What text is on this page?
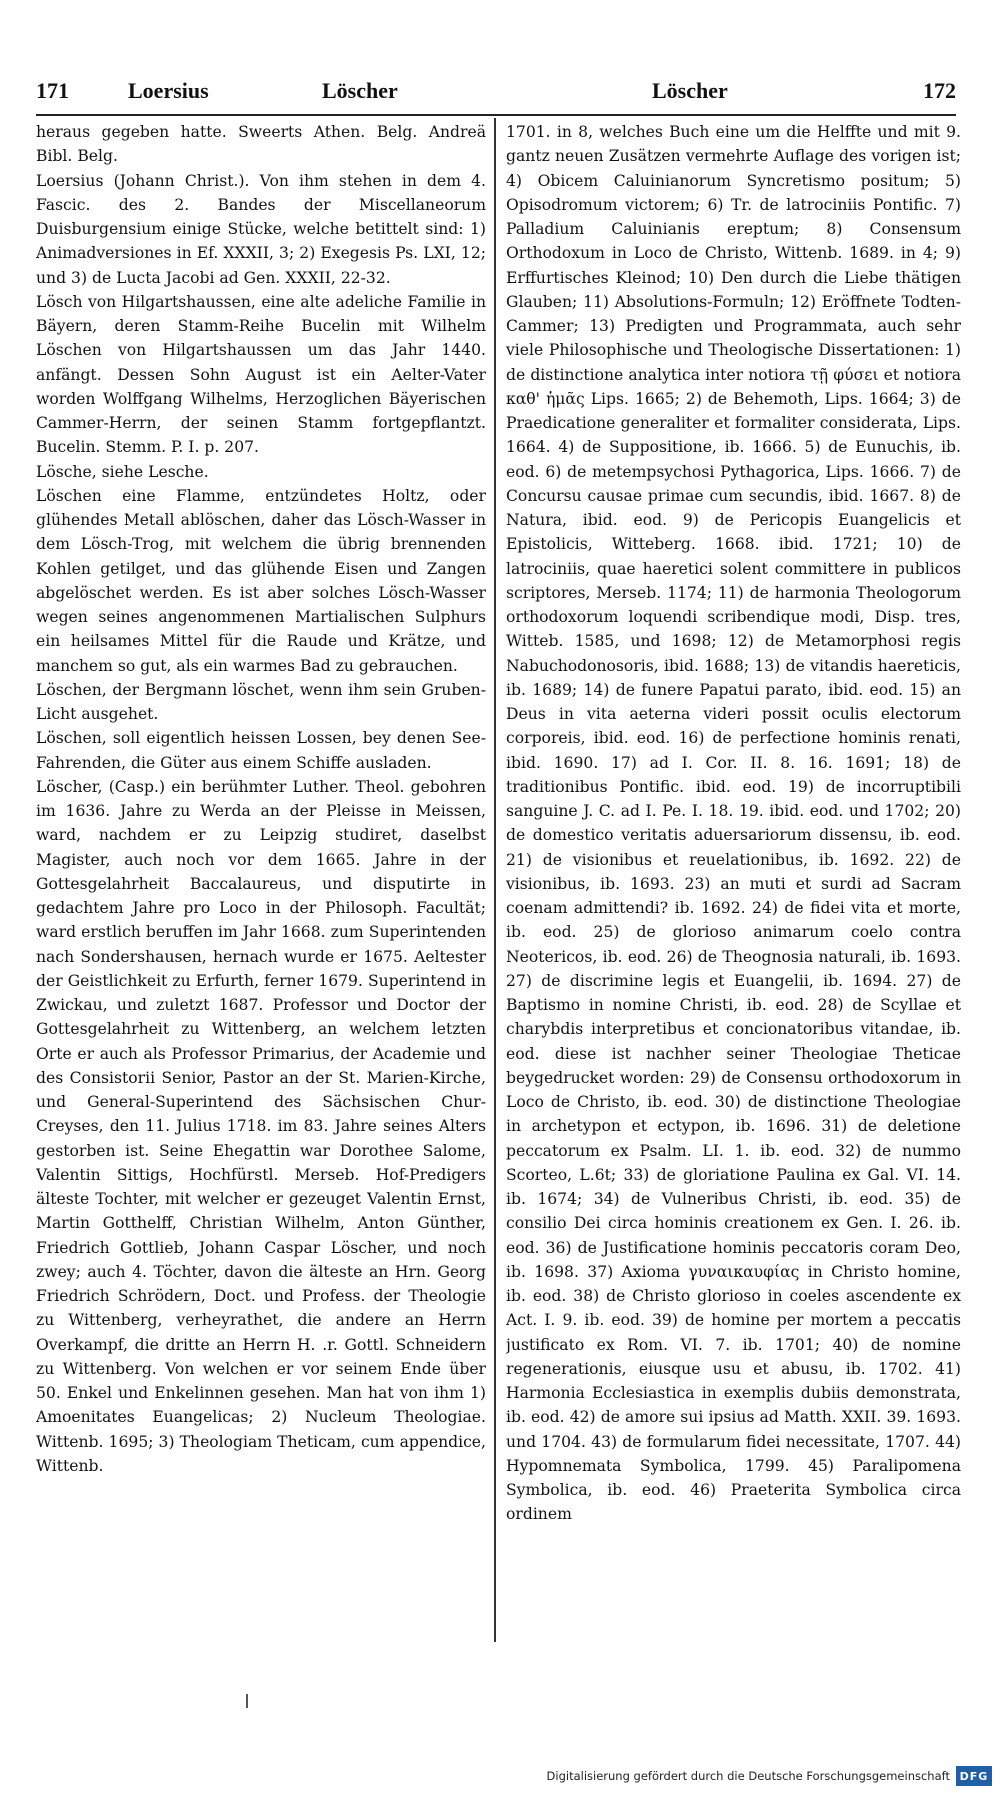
171	Loersius	Löscher	Löscher	172

heraus gegeben hatte. Sweerts Athen. Belg. Andreä Bibl. Belg.

Loersius (Johann Christ.). Von ihm stehen in dem 4. Fascic. des 2. Bandes der Miscellaneorum Duisburgensium einige Stücke, welche betittelt sind: 1) Animadversiones in Ef. XXXII, 3; 2) Exegesis Ps. LXI, 12; und 3) de Lucta Jacobi ad Gen. XXXII, 22-32.

Lösch von Hilgartshaussen, eine alte adeliche Familie in Bäyern, deren Stamm-Reihe Bucelin mit Wilhelm Löschen von Hilgartshaussen um das Jahr 1440. anfängt. Dessen Sohn August ist ein Aelter-Vater worden Wolffgang Wilhelms, Herzoglichen Bäyerischen Cammer-Herrn, der seinen Stamm fortgepflantzt. Bucelin. Stemm. P. I. p. 207.

Lösche, siehe Lesche.

Löschen eine Flamme, entzündetes Holtz, oder glühendes Metall ablöschen, daher das Lösch-Wasser in dem Lösch-Trog, mit welchem die übrig brennenden Kohlen getilget, und das glühende Eisen und Zangen abgelöschet werden. Es ist aber solches Lösch-Wasser wegen seines angenommenen Martialischen Sulphurs ein heilsames Mittel für die Raude und Krätze, und manchem so gut, als ein warmes Bad zu gebrauchen.

Löschen, der Bergmann löschet, wenn ihm sein Gruben-Licht ausgehet.

Löschen, soll eigentlich heissen Lossen, bey denen See-Fahrenden, die Güter aus einem Schiffe ausladen.

Löscher, (Casp.) ein berühmter Luther. Theol. gebohren im 1636. Jahre zu Werda an der Pleisse in Meissen, ward, nachdem er zu Leipzig studiret, daselbst Magister, auch noch vor dem 1665. Jahre in der Gottesgelahrheit Baccalaureus, und disputirte in gedachtem Jahre pro Loco in der Philosoph. Facultät; ward erstlich beruffen im Jahr 1668. zum Superintenden nach Sondershausen, hernach wurde er 1675. Aeltester der Geistlichkeit zu Erfurth, ferner 1679. Superintend in Zwickau, und zuletzt 1687. Professor und Doctor der Gottesgelahrheit zu Wittenberg, an welchem letzten Orte er auch als Professor Primarius, der Academie und des Consistorii Senior, Pastor an der St. Marien-Kirche, und General-Superintend des Sächsischen Chur-Creyses, den 11. Julius 1718. im 83. Jahre seines Alters gestorben ist. Seine Ehegattin war Dorothee Salome, Valentin Sittigs, Hochfürstl. Merseb. Hof-Predigers älteste Tochter, mit welcher er gezeuget Valentin Ernst, Martin Gotthelff, Christian Wilhelm, Anton Günther, Friedrich Gottlieb, Johann Caspar Löscher, und noch zwey; auch 4. Töchter, davon die älteste an Hrn. Georg Friedrich Schrödern, Doct. und Profess. der Theologie zu Wittenberg, verheyrathet, die andere an Herrn Overkampf, die dritte an Herrn H. .r. Gottl. Schneidern zu Wittenberg. Von welchen er vor seinem Ende über 50. Enkel und Enkelinnen gesehen. Man hat von ihm 1) Amoenitates Euangelicas; 2) Nucleum Theologiae. Wittenb. 1695; 3) Theologiam Theticam, cum appendice, Wittenb.

1701. in 8, welches Buch eine um die Helffte und mit 9. gantz neuen Zusätzen vermehrte Auflage des vorigen ist; 4) Obicem Caluinianorum Syncretismo positum; 5) Opisodromum victorem; 6) Tr. de latrociniis Pontific. 7) Palladium Caluinianis ereptum; 8) Consensum Orthodoxum in Loco de Christo, Wittenb. 1689. in 4; 9) Erffurtisches Kleinod; 10) Den durch die Liebe thätigen Glauben; 11) Absolutions-Formuln; 12) Eröffnete Todten-Cammer; 13) Predigten und Programmata, auch sehr viele Philosophische und Theologische Dissertationen: 1) de distinctione analytica inter notiora τῇ φύσει et notiora καθ' ἡμᾶς Lips. 1665; 2) de Behemoth, Lips. 1664; 3) de Praedicatione generaliter et formaliter considerata, Lips. 1664. 4) de Suppositione, ib. 1666. 5) de Eunuchis, ib. eod. 6) de metempsychosi Pythagorica, Lips. 1666. 7) de Concursu causae primae cum secundis, ibid. 1667. 8) de Natura, ibid. eod. 9) de Pericopis Euangelicis et Epistolicis, Witteberg. 1668. ibid. 1721; 10) de latrociniis, quae haeretici solent committere in publicos scriptores, Merseb. 1174; 11) de harmonia Theologorum orthodoxorum loquendi scribendique modi, Disp. tres, Witteb. 1585, und 1698; 12) de Metamorphosi regis Nabuchodonosoris, ibid. 1688; 13) de vitandis haereticis, ib. 1689; 14) de funere Papatui parato, ibid. eod. 15) an Deus in vita aeterna videri possit oculis electorum corporeis, ibid. eod. 16) de perfectione hominis renati, ibid. 1690. 17) ad I. Cor. II. 8. 16. 1691; 18) de traditionibus Pontific. ibid. eod. 19) de incorruptibili sanguine J. C. ad I. Pe. I. 18. 19. ibid. eod. und 1702; 20) de domestico veritatis aduersariorum dissensu, ib. eod. 21) de visionibus et reuelationibus, ib. 1692. 22) de visionibus, ib. 1693. 23) an muti et surdi ad Sacram coenam admittendi? ib. 1692. 24) de fidei vita et morte, ib. eod. 25) de glorioso animarum coelo contra Neotericos, ib. eod. 26) de Theognosia naturali, ib. 1693. 27) de discrimine legis et Euangelii, ib. 1694. 27) de Baptismo in nomine Christi, ib. eod. 28) de Scyllae et charybdis interpretibus et concionatoribus vitandae, ib. eod. diese ist nachher seiner Theologiae Theticae beygedrucket worden: 29) de Consensu orthodoxorum in Loco de Christo, ib. eod. 30) de distinctione Theologiae in archetypon et ectypon, ib. 1696. 31) de deletione peccatorum ex Psalm. LI. 1. ib. eod. 32) de nummo Scorteo, L.6t; 33) de gloriatione Paulina ex Gal. VI. 14. ib. 1674; 34) de Vulneribus Christi, ib. eod. 35) de consilio Dei circa hominis creationem ex Gen. I. 26. ib. eod. 36) de Justificatione hominis peccatoris coram Deo, ib. 1698. 37) Axioma γυναικαυφίας in Christo homine, ib. eod. 38) de Christo glorioso in coeles ascendente ex Act. I. 9. ib. eod. 39) de homine per mortem a peccatis justificato ex Rom. VI. 7. ib. 1701; 40) de nomine regenerationis, eiusque usu et abusu, ib. 1702. 41) Harmonia Ecclesiastica in exemplis dubiis demonstrata, ib. eod. 42) de amore sui ipsius ad Matth. XXII. 39. 1693. und 1704. 43) de formularum fidei necessitate, 1707. 44) Hypomnemata Symbolica, 1799. 45) Paralipomena Symbolica, ib. eod. 46) Praeterita Symbolica circa ordinem

Digitalisierung gefördert durch die Deutsche Forschungsgemeinschaft DFG
